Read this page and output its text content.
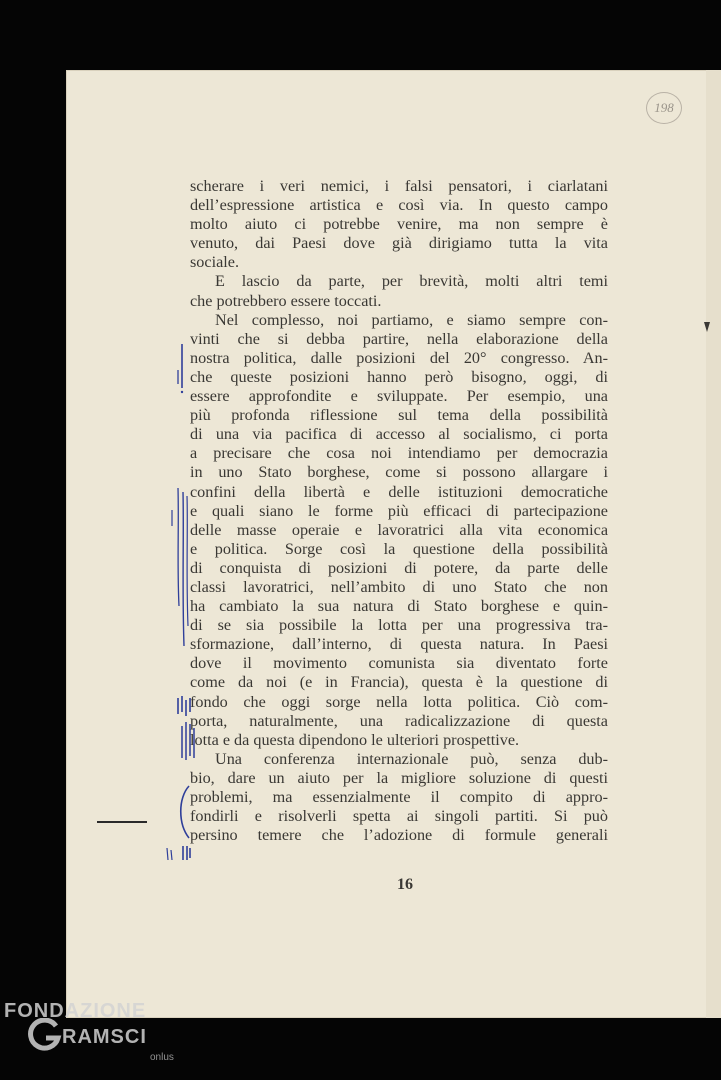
198
scherare i veri nemici, i falsi pensatori, i ciarlatani
dell’espressione artistica e così via. In questo campo
molto aiuto ci potrebbe venire, ma non sempre è
venuto, dai Paesi dove già dirigiamo tutta la vita
sociale.
E lascio da parte, per brevità, molti altri temi
che potrebbero essere toccati.
Nel complesso, noi partiamo, e siamo sempre con-
vinti che si debba partire, nella elaborazione della
nostra politica, dalle posizioni del 20° congresso. An-
che queste posizioni hanno però bisogno, oggi, di
essere approfondite e sviluppate. Per esempio, una
più profonda riflessione sul tema della possibilità
di una via pacifica di accesso al socialismo, ci porta
a precisare che cosa noi intendiamo per democrazia
in uno Stato borghese, come si possono allargare i
confini della libertà e delle istituzioni democratiche
e quali siano le forme più efficaci di partecipazione
delle masse operaie e lavoratrici alla vita economica
e politica. Sorge così la questione della possibilità
di conquista di posizioni di potere, da parte delle
classi lavoratrici, nell’ambito di uno Stato che non
ha cambiato la sua natura di Stato borghese e quin-
di se sia possibile la lotta per una progressiva tra-
sformazione, dall’interno, di questa natura. In Paesi
dove il movimento comunista sia diventato forte
come da noi (e in Francia), questa è la questione di
fondo che oggi sorge nella lotta politica. Ciò com-
porta, naturalmente, una radicalizzazione di questa
lotta e da questa dipendono le ulteriori prospettive.
Una conferenza internazionale può, senza dub-
bio, dare un aiuto per la migliore soluzione di questi
problemi, ma essenzialmente il compito di appro-
fondirli e risolverli spetta ai singoli partiti. Si può
persino temere che l’adozione di formule generali
16
FONDAZIONE
RAMSCI
onlus
